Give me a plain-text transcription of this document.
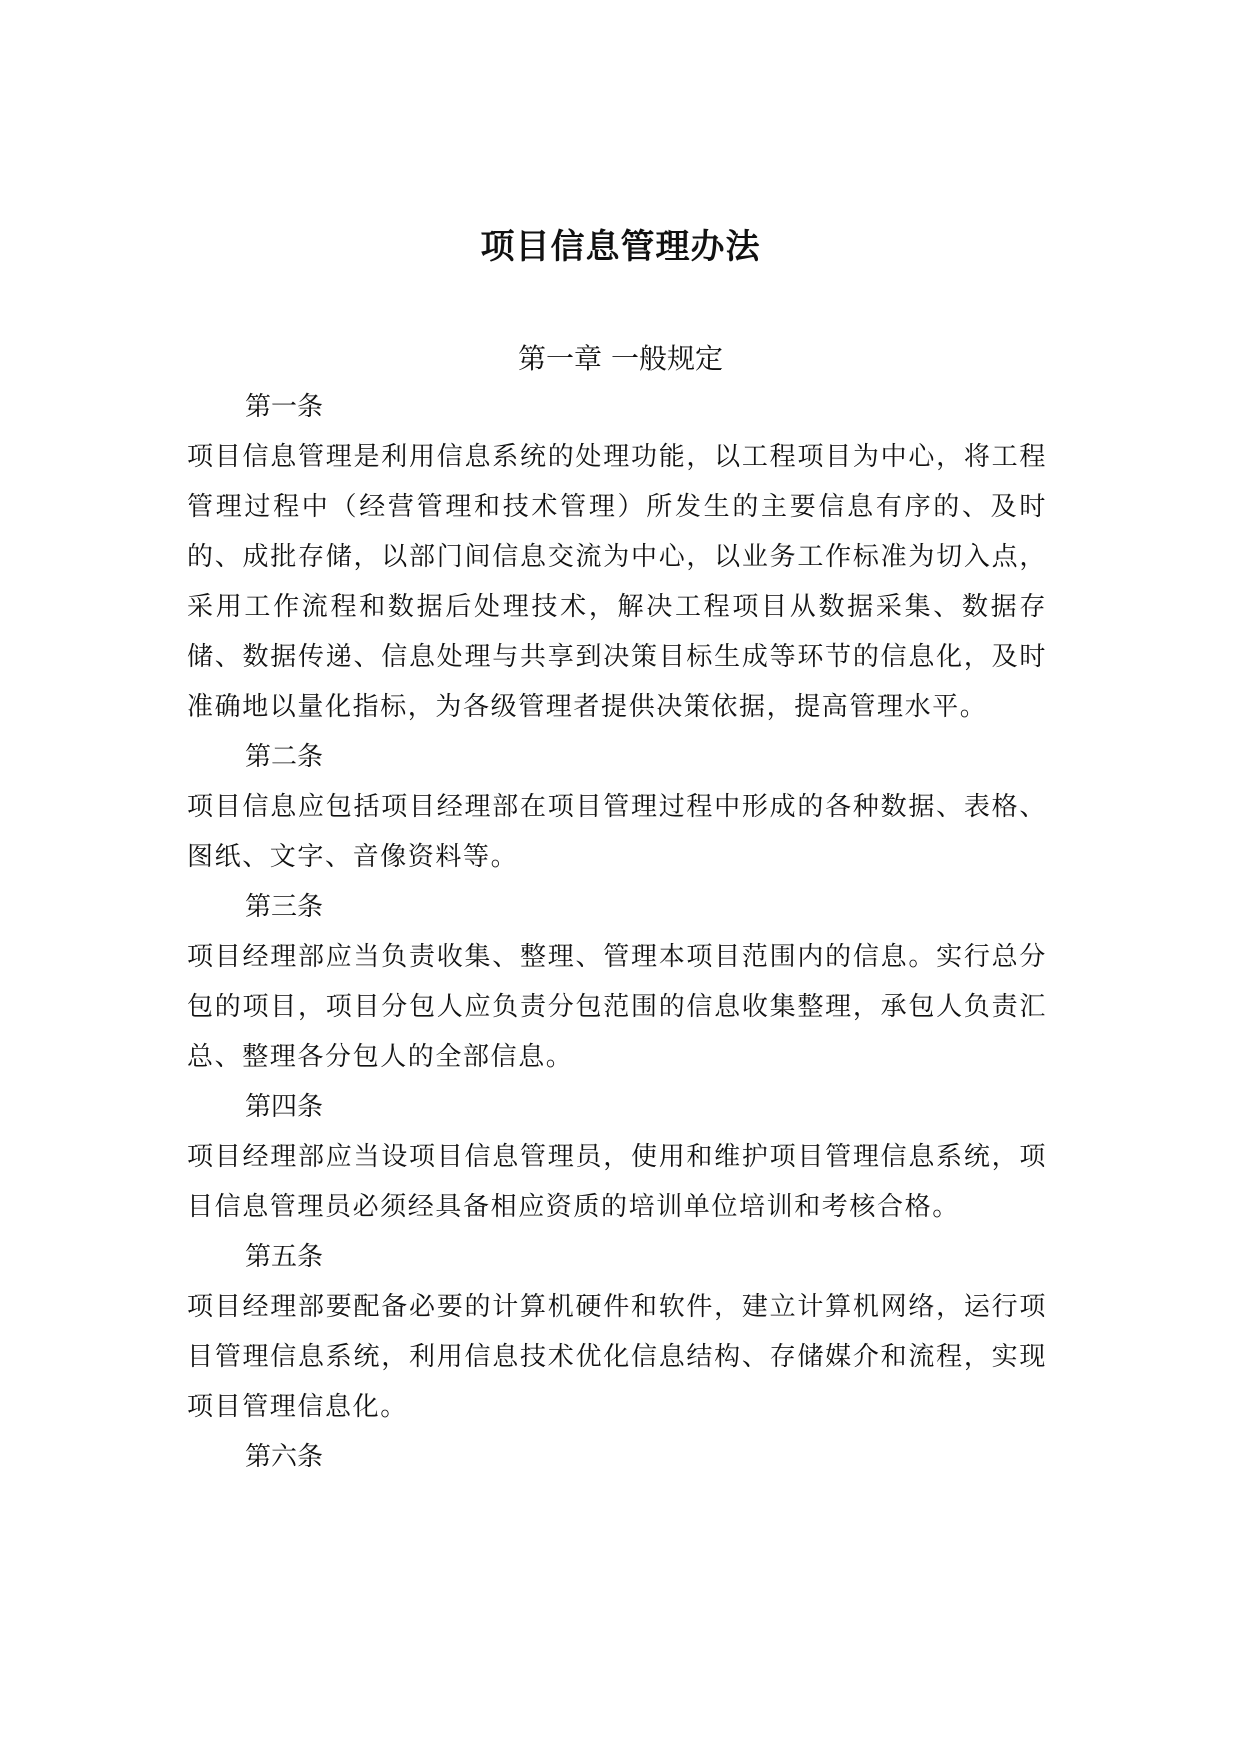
项目信息管理办法
第一章 一般规定
第一条

项目信息管理是利用信息系统的处理功能，以工程项目为中心，将工程管理过程中（经营管理和技术管理）所发生的主要信息有序的、及时的、成批存储，以部门间信息交流为中心，以业务工作标准为切入点，采用工作流程和数据后处理技术，解决工程项目从数据采集、数据存储、数据传递、信息处理与共享到决策目标生成等环节的信息化，及时准确地以量化指标，为各级管理者提供决策依据，提高管理水平。

第二条

项目信息应包括项目经理部在项目管理过程中形成的各种数据、表格、图纸、文字、音像资料等。

第三条

项目经理部应当负责收集、整理、管理本项目范围内的信息。实行总分包的项目，项目分包人应负责分包范围的信息收集整理，承包人负责汇总、整理各分包人的全部信息。

第四条

项目经理部应当设项目信息管理员，使用和维护项目管理信息系统，项目信息管理员必须经具备相应资质的培训单位培训和考核合格。

第五条

项目经理部要配备必要的计算机硬件和软件，建立计算机网络，运行项目管理信息系统，利用信息技术优化信息结构、存储媒介和流程，实现项目管理信息化。

第六条
